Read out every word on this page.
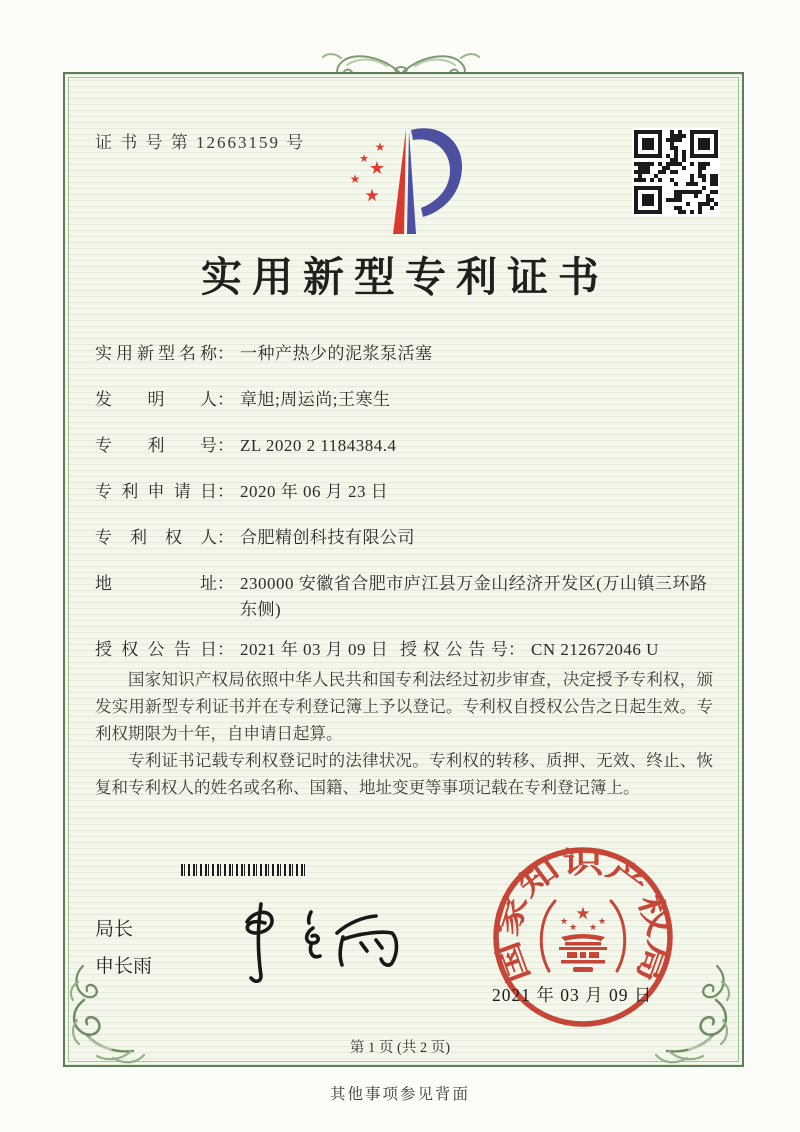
证 书 号 第 12663159 号	★
★ ★
★
★
实用新型专利证书
实用新型名称 ： 一种产热少的泥浆泵活塞
发明人 ： 章旭;周运尚;王寒生
专利号 ： ZL 2020 2 1184384.4
专利申请日 ： 2020 年 06 月 23 日
专利权人 ： 合肥精创科技有限公司
地址 ： 230000 安徽省合肥市庐江县万金山经济开发区(万山镇三环路东侧)
授权公告日 ： 2021 年 03 月 09 日 授权公告号 ： CN 212672046 U

国家知识产权局依照中华人民共和国专利法经过初步审查，决定授予专利权，颁发实用新型专利证书并在专利登记簿上予以登记。专利权自授权公告之日起生效。专利权期限为十年，自申请日起算。

专利证书记载专利权登记时的法律状况。专利权的转移、质押、无效、终止、恢复和专利权人的姓名或名称、国籍、地址变更等事项记载在专利登记簿上。

局长
申长雨	国家知识产权局
★
★
★ ★
★
2021 年 03 月 09 日
第 1 页 (共 2 页)
其他事项参见背面
